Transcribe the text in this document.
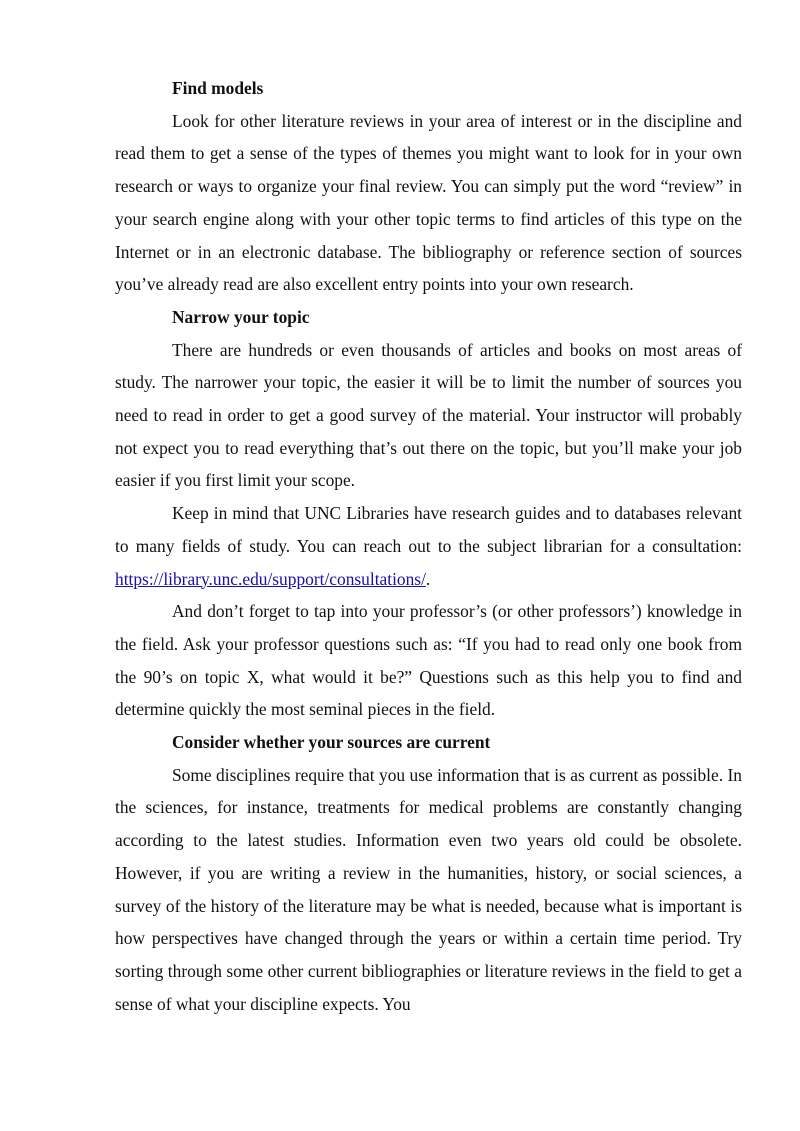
Find models

Look for other literature reviews in your area of interest or in the discipline and read them to get a sense of the types of themes you might want to look for in your own research or ways to organize your final review. You can simply put the word “review” in your search engine along with your other topic terms to find articles of this type on the Internet or in an electronic database. The bibliography or reference section of sources you’ve already read are also excellent entry points into your own research.

Narrow your topic

There are hundreds or even thousands of articles and books on most areas of study. The narrower your topic, the easier it will be to limit the number of sources you need to read in order to get a good survey of the material. Your instructor will probably not expect you to read everything that’s out there on the topic, but you’ll make your job easier if you first limit your scope.

Keep in mind that UNC Libraries have research guides and to databases relevant to many fields of study. You can reach out to the subject librarian for a consultation: https://library.unc.edu/support/consultations/.

And don’t forget to tap into your professor’s (or other professors’) knowledge in the field. Ask your professor questions such as: “If you had to read only one book from the 90’s on topic X, what would it be?” Questions such as this help you to find and determine quickly the most seminal pieces in the field.

Consider whether your sources are current

Some disciplines require that you use information that is as current as possible. In the sciences, for instance, treatments for medical problems are constantly changing according to the latest studies. Information even two years old could be obsolete. However, if you are writing a review in the humanities, history, or social sciences, a survey of the history of the literature may be what is needed, because what is important is how perspectives have changed through the years or within a certain time period. Try sorting through some other current bibliographies or literature reviews in the field to get a sense of what your discipline expects. You
